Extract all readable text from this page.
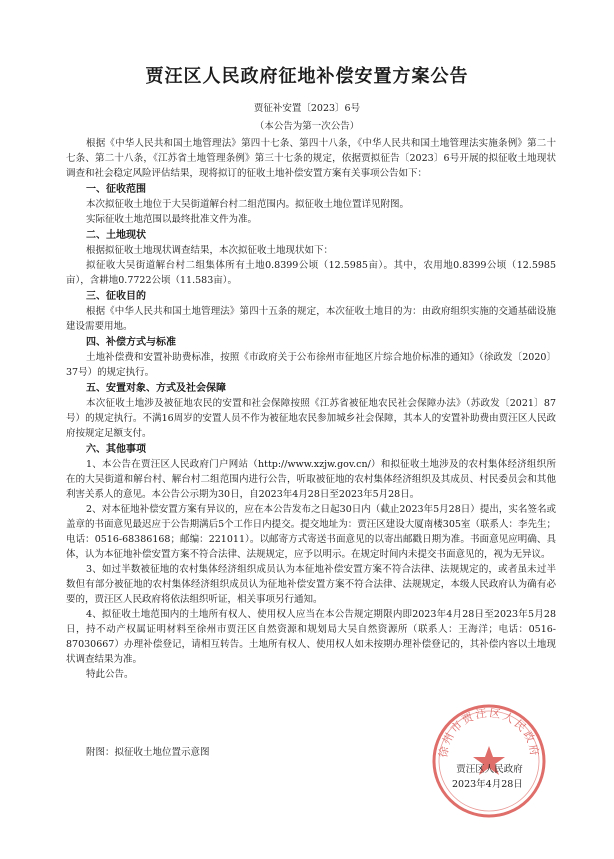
贾汪区人民政府征地补偿安置方案公告
贾征补安置〔2023〕6号
（本公告为第一次公告）

根据《中华人民共和国土地管理法》第四十七条、第四十八条，《中华人民共和国土地管理法实施条例》第二十七条、第二十八条，《江苏省土地管理条例》第三十七条的规定，依据贾拟征告〔2023〕6号开展的拟征收土地现状调查和社会稳定风险评估结果，现将拟订的征收土地补偿安置方案有关事项公告如下：

一、征收范围

本次拟征收土地位于大吴街道解台村二组范围内。拟征收土地位置详见附图。

实际征收土地范围以最终批准文件为准。

二、土地现状

根据拟征收土地现状调查结果，本次拟征收土地现状如下：

拟征收大吴街道解台村二组集体所有土地0.8399公顷（12.5985亩）。其中，农用地0.8399公顷（12.5985亩），含耕地0.7722公顷（11.583亩）。

三、征收目的

根据《中华人民共和国土地管理法》第四十五条的规定，本次征收土地目的为：由政府组织实施的交通基础设施建设需要用地。

四、补偿方式与标准

土地补偿费和安置补助费标准，按照《市政府关于公布徐州市征地区片综合地价标准的通知》（徐政发〔2020〕37号）的规定执行。

五、安置对象、方式及社会保障

本次征收土地涉及被征地农民的安置和社会保障按照《江苏省被征地农民社会保障办法》（苏政发〔2021〕87号）的规定执行。不满16周岁的安置人员不作为被征地农民参加城乡社会保障，其本人的安置补助费由贾汪区人民政府按规定足额支付。

六、其他事项

1、本公告在贾汪区人民政府门户网站（http://www.xzjw.gov.cn/）和拟征收土地涉及的农村集体经济组织所在的大吴街道和解台村、解台村二组范围内进行公告，听取被征地的农村集体经济组织及其成员、村民委员会和其他利害关系人的意见。本公告公示期为30日，自2023年4月28日至2023年5月28日。

2、对本征地补偿安置方案有异议的，应在本公告发布之日起30日内（截止2023年5月28日）提出，实名签名或盖章的书面意见最迟应于公告期满后5个工作日内提交。提交地址为：贾汪区建设大厦南楼305室（联系人：李先生；电话：0516-68386168；邮编：221011）。以邮寄方式寄送书面意见的以寄出邮戳日期为准。书面意见应明确、具体，认为本征地补偿安置方案不符合法律、法规规定，应予以明示。在规定时间内未提交书面意见的，视为无异议。

3、如过半数被征地的农村集体经济组织成员认为本征地补偿安置方案不符合法律、法规规定的，或者虽未过半数但有部分被征地的农村集体经济组织成员认为征地补偿安置方案不符合法律、法规规定，本级人民政府认为确有必要的，贾汪区人民政府将依法组织听证，相关事项另行通知。

4、拟征收土地范围内的土地所有权人、使用权人应当在本公告规定期限内即2023年4月28日至2023年5月28日，持不动产权属证明材料至徐州市贾汪区自然资源和规划局大吴自然资源所（联系人：王海洋；电话：0516-87030667）办理补偿登记，请相互转告。土地所有权人、使用权人如未按期办理补偿登记的，其补偿内容以土地现状调查结果为准。

特此公告。

附图：拟征收土地位置示意图	徐州市贾汪区人民政府
贾汪区人民政府
2023年4月28日
